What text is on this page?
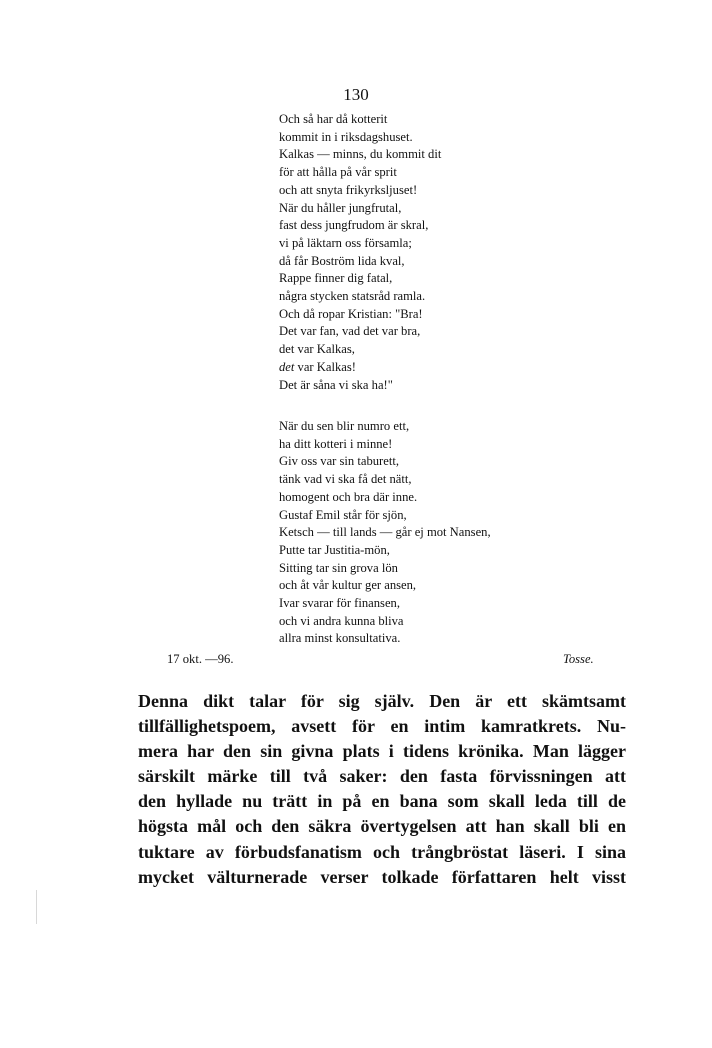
130
Och så har då kotterit
kommit in i riksdagshuset.
Kalkas — minns, du kommit dit
för att hålla på vår sprit
och att snyta frikyrksljuset!
När du håller jungfrutal,
fast dess jungfrudom är skral,
vi på läktarn oss församla;
då får Boström lida kval,
Rappe finner dig fatal,
några stycken statsråd ramla.
Och då ropar Kristian: "Bra!
Det var fan, vad det var bra,
det var Kalkas,
det var Kalkas!
Det är såna vi ska ha!"
När du sen blir numro ett,
ha ditt kotteri i minne!
Giv oss var sin taburett,
tänk vad vi ska få det nätt,
homogent och bra där inne.
Gustaf Emil står för sjön,
Ketsch — till lands — går ej mot Nansen,
Putte tar Justitia-mön,
Sitting tar sin grova lön
och åt vår kultur ger ansen,
Ivar svarar för finansen,
och vi andra kunna bliva
allra minst konsultativa.
17 okt. —96.	Tosse.
Denna dikt talar för sig själv. Den är ett skämtsamt
tillfällighetspoem, avsett för en intim kamratkrets. Nu-
mera har den sin givna plats i tidens krönika. Man lägger
särskilt märke till två saker: den fasta förvissningen att
den hyllade nu trätt in på en bana som skall leda till de
högsta mål och den säkra övertygelsen att han skall bli en
tuktare av förbudsfanatism och trångbröstat läseri. I sina
mycket välturnerade verser tolkade författaren helt visst
